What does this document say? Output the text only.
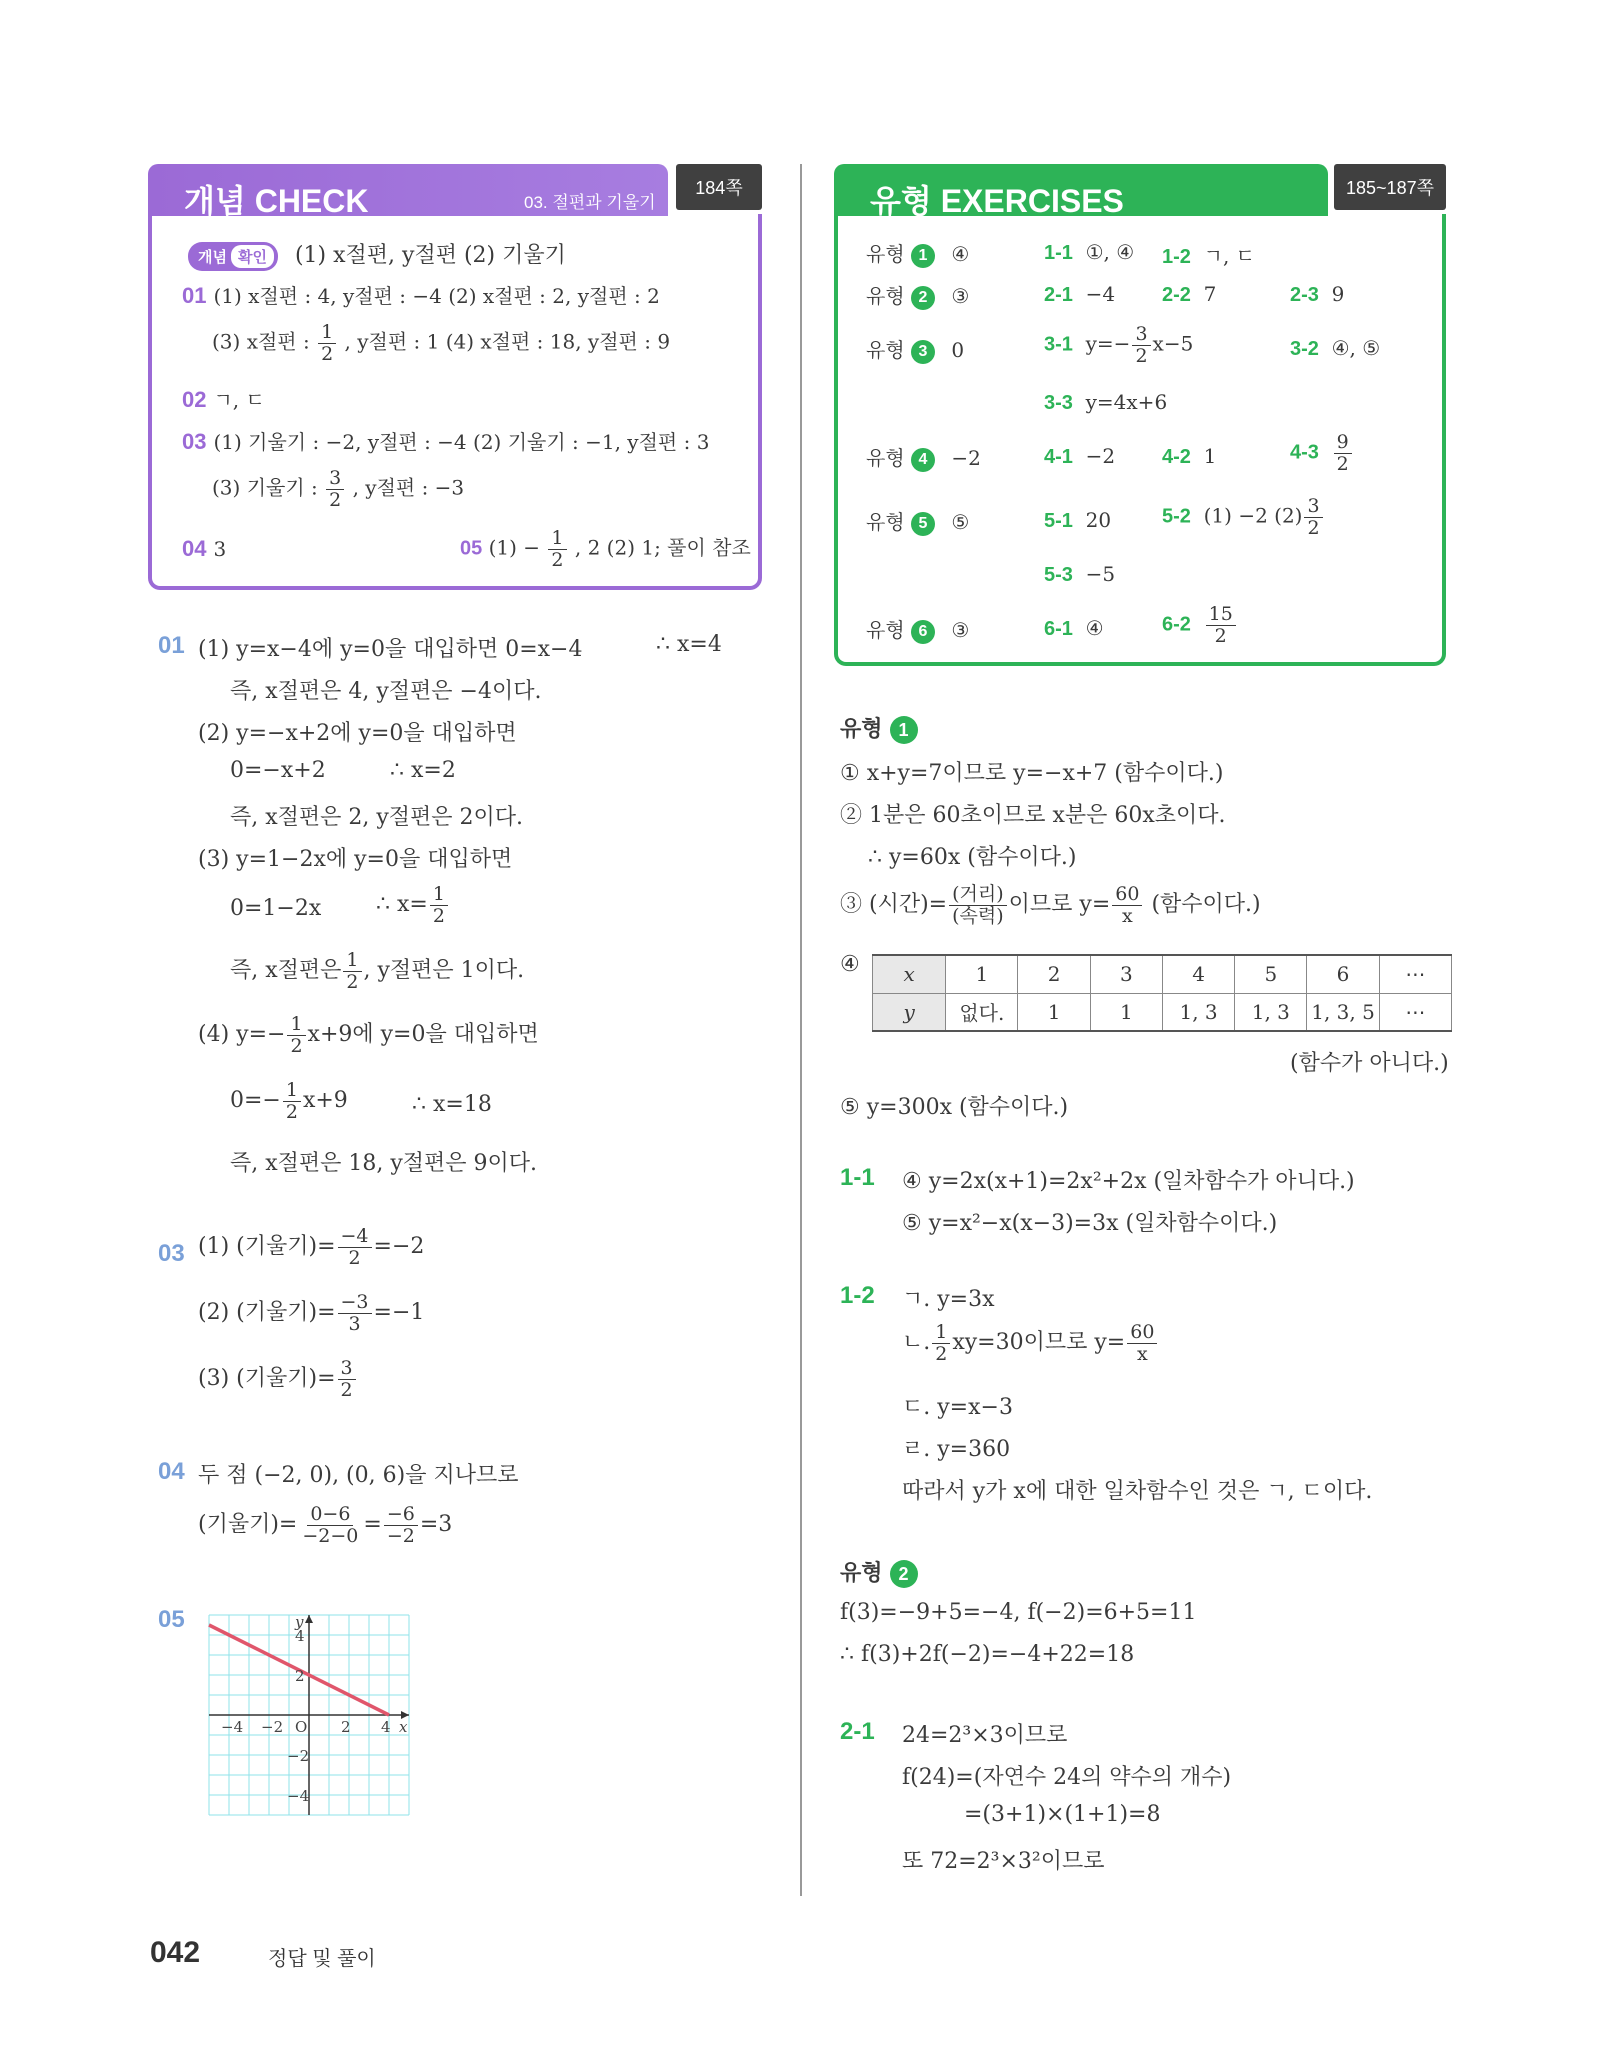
개념 CHECK	03. 절편과 기울기
184쪽
개념 확인	(1) x절편, y절편 (2) 기울기
01 (1) x절편 : 4, y절편 : −4 (2) x절편 : 2, y절편 : 2
(3) x절편 : $\frac{1}{2}$ , y절편 : 1 (4) x절편 : 18, y절편 : 9
02 ㄱ, ㄷ
03 (1) 기울기 : −2, y절편 : −4 (2) 기울기 : −1, y절편 : 3
(3) 기울기 : $\frac{3}{2}$ , y절편 : −3
04 3	05 $(1) - \frac{1}{2}$ , 2 (2) 1; 풀이 참조
유형 EXERCISES	185~187쪽
유형 1 ④	1-1 ①, ④ 1-2 ㄱ, ㄷ
유형 2 ③	2-1 −4 2-2 7	2-3 9
유형 3 0	3-1 $y=- \frac{3}{2} x-5$	3-2 ④, ⑤
3-3 y=4x+6
유형 4 −2	4-1 −2 4-2 1	$4-3 \frac{9}{2}$
유형 5 ⑤	5-1 20	5-2 (1) −2 $(2) \frac{3}{2}$
5-3 −5
유형 6 ③	6-1 ④	$6-2 \frac{15}{2}$
01 (1) y=x−4에 y=0을 대입하면 0=x−4	∴ x=4
즉, x절편은 4, y절편은 −4이다.
(2) y=−x+2에 y=0을 대입하면
0=−x+2	∴ x=2
즉, x절편은 2, y절편은 2이다.
(3) y=1−2x에 y=0을 대입하면
0=1−2x ∴ $x= \frac{1}{2}$
즉, x절편은 $\frac{1}{2}$ , y절편은 1이다.
(4) $y=- \frac{1}{2} x+9$에 y=0을 대입하면
$0=- \frac{1}{2} x+9$	∴ x=18
즉, x절편은 18, y절편은 9이다.
03 (1) (기울기)= $\frac{-4}{2} =-2$
(2) (기울기)= $\frac{-3}{3} =-1$
(3) (기울기)= $\frac{3}{2}$
04 두 점 (−2, 0), (0, 6)을 지나므로
(기울기)= $\frac{0-6}{-2-0} = \frac{-6}{-2} =3$
05
−4 −2	2 4
4
2
−2
−4
O	x
y
유형 1
① x+y=7이므로 y=−x+7 (함수이다.)
② 1분은 60초이므로 x분은 60x초이다.
∴ y=60x (함수이다.)
③ (시간)= $\frac{\text{(거리)}}{\text{(속력)}}$ 이므로 $y= \frac{60}{x}$ (함수이다.)
④ x	1	2	3	4	5	6	⋯
y	없다.	1	1	1, 3	1, 3	1, 3, 5	⋯
(함수가 아니다.)
⑤ y=300x (함수이다.)
1-1 ④ y=2x(x+1)=2x²+2x (일차함수가 아니다.)
⑤ y=x²−x(x−3)=3x (일차함수이다.)
1-2 ㄱ. y=3x
ㄴ. $\frac{1}{2} xy=30$이므로 $y= \frac{60}{x}$
ㄷ. y=x−3
ㄹ. y=360
따라서 y가 x에 대한 일차함수인 것은 ㄱ, ㄷ이다.
유형 2
f(3)=−9+5=−4, f(−2)=6+5=11
∴ f(3)+2f(−2)=−4+22=18
2-1 24=2³×3이므로
f(24)=(자연수 24의 약수의 개수)
=(3+1)×(1+1)=8
또 72=2³×3²이므로
042	정답 및 풀이
